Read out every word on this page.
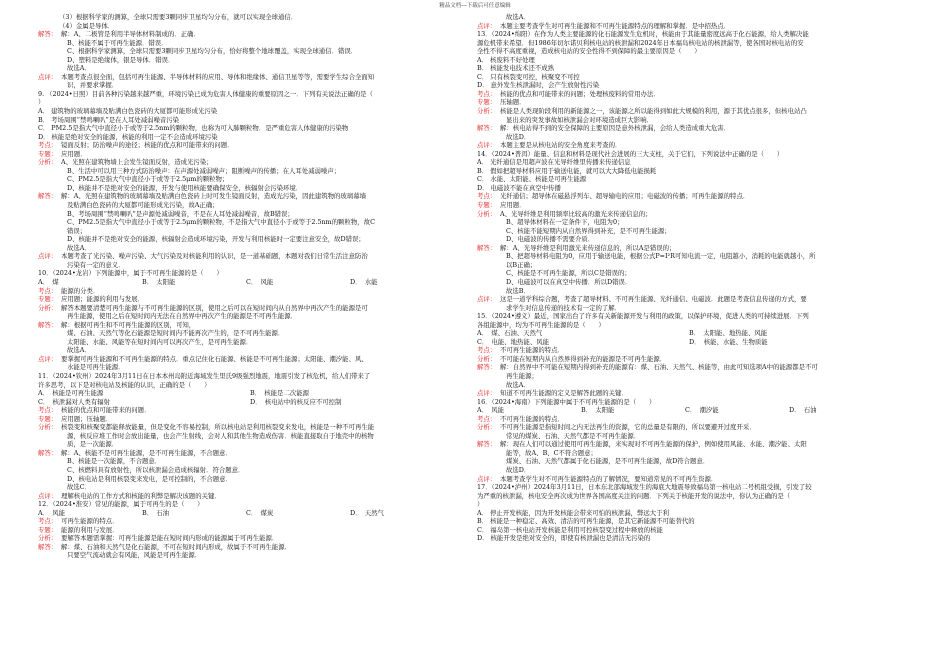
精品文档---下载后可任意编辑
（3）根据科学家的测算，全球只需要3颗同步卫星均匀分布，就可以实现全球通信．
（4）金属是导体．
解答： 解：A、二极管是利用半导体材料制成的．正确．
B、核能不属于可再生能源．错误．
C、根据科学家测算，全球只需要3颗同步卫星均匀分布，恰好将整个地球覆盖，实现全球通信．错误．
D、塑料是绝缘体，银是导体．错误．
故选A．
点评： 本题考查点很全面，包括可再生能源、半导体材料的应用、导体和绝缘体、通信卫星等等，需要学生综合全面知
识，并要求掌握．
9. （2024•日照）目前各种污染越来越严重，环境污染已成为危害人体健康的重要原因之一．下列有关说法正确的是（
）
A． 建筑物的玻璃幕墙及贴满白色瓷砖的大厦都可能形成光污染
B． 考场周围“禁鸣喇叭”是在人耳处减弱噪音污染
C． PM2.5是指大气中直径小于或等于2.5nm的颗粒物，也称为可入肺颗粒物．是严重危害人体健康的污染物
D． 核能是绝对安全的能源，核能的利用一定不会造成环境污染
考点： 镜面反射；防治噪声的途径；核能的优点和可能带来的问题．
专题： 应用题．
分析： A、光照在建筑物墙上会发生镜面反射，造成光污染；
B、生活中可以用三种方式防治噪声：在声源处减弱噪声；阻断噪声的传播；在人耳处减弱噪声；
C、PM2.5是指大气中直径小于或等于2.5μm的颗粒物；
D、核能并不是绝对安全的能源，开发与使用核能要确保安全，核辐射会污染环境．
解答： 解：A、光照在建筑物的玻璃幕墙及贴满白色瓷砖上时可发生镜面反射，造成光污染，因此建筑物的玻璃幕墙
及贴满白色瓷砖的大厦都可能形成光污染，故A正确；
B、考场周围“禁鸣喇叭”是声源处减弱噪音，不是在人耳处减弱噪音，故B错误；
C、PM2.5是指大气中直径小于或等于2.5μm的颗粒物，不是指大气中直径小于或等于2.5nm的颗粒物，故C
错误；
D、核能并不是绝对安全的能源，核辐射会造成环境污染，开发与利用核能时一定要注意安全，故D错误；
故选A．
点评： 本题考查了光污染、噪声污染、大气污染及对核能利用的认识，是一道基础题，本题对我们日常生活注意防治
污染有一定的意义．
10．（2024•龙岩）下列能源中，属于不可再生能源的是（　　）
A．　煤	B．　太阳能	C．　风能	D．　水能
考点： 能源的分类．
专题： 应用题；能源的利用与发展．
分析： 解答本题要清楚可再生能源与不可再生能源的区别，使用之后可以在短时间内从自然界中再次产生的能源是可
再生能源，使用之后在短时间内无法在自然界中再次产生的能源是不可再生能源．
解答： 解：根据可再生和不可再生能源的区别，可知，
煤、石油、天然气等化石能源是短时间内不能再次产生的，是不可再生能源．
太阳能、水能、风能等在短时间内可以再次产生，是可再生能源．
故选A．
点评： 要掌握可再生能源和不可再生能源的特点．重点记住化石能源、核能是不可再生能源；太阳能、潮汐能、风、
水能是可再生能源．
11．（2024•钦州）2024年3月11日在日本本州岛附近海域发生里氏9级强烈地震，地震引发了核危机，给人们带来了
许多思考，以下是对核电站及核能的认识，正确的是（　　）
A．　核能是可再生能源	B．　核能是二次能源
C．　核泄漏对人类有辐射	D．　核电站中的核反应不可控制
考点： 核能的优点和可能带来的问题．
专题： 应用题；压轴题．
分析： 核裂变和核聚变都能释放能量，但是变化不容易控制，所以核电站是利用核裂变来发电，核能是一种不可再生能
源，核反应堆工作时会放出能量，也会产生射线，会对人和其他生物造成伤害．核能直接取自于地壳中的核物
质，是一次能源．
解答： 解：A、核能不是可再生能源，是不可再生能源，不合题意．
B、核能是一次能源，不合题意．
C、核燃料具有放射性，所以核泄漏会造成核辐射．符合题意．
D、核电站是利用核裂变来发电，是可控制的，不合题意．
故选C．
点评： 理解核电站的工作方式和核能的利弊是解决该题的关键．
12．（2024•淮安）常见的能源，属于可再生的是（　　）
A．　风能	B．　石油	C．　煤炭	D．　天然气
考点： 可再生能源的特点．
专题： 能源的利用与发展．
分析： 要解答本题需掌握：可再生能源是能在短时间内形成的能源属于可再生能源．
解答： 解：煤、石油和天然气是化石能源，不可在短时间内形成，故属于不可再生能源．
只要空气流动就会有风能，风能是可再生能源．
故选A．
点评： 本题主要考查学生对可再生能源和不可再生能源特点的理解和掌握．是中招热点．
13．（2024•绵阳）在作为人类主要能源的化石能源发生危机时，核能由于其能量密度远高于化石能源，给人类解决能
源危机带来希望．但1986年切尔诺贝利核电站的核泄漏和2024年日本福岛核电站的核泄漏等，使各国对核电站的安
全性不得不高度重视，造成核电站的安全性得不到保障的最主要原因是（　　）
A． 核废料不好处理
B． 核能发电技术还不成熟
C． 只有核裂变可控，核聚变不可控
D． 意外发生核泄漏时，会产生放射性污染
考点： 核能的优点和可能带来的问题；处理核废料的常用办法．
专题： 压轴题．
分析： 核能是人类现阶段利用的新能源之一，该能源之所以能得到如此大规模的利用，源于其优点很多，但核电站凸
显出来的突发事故如核泄漏会对环境造成巨大影响．
解答： 解：核电站得不到的安全保障的主要原因是意外核泄漏，会给人类造成重大危害．
故选D．
点评： 本题主要是从核电站的安全角度来考查的．
14．（2024•普洱）能量、信息和材料是现代社会进展的三大支柱，关于它们，下列说法中正确的是（　　）
A． 光纤通信是用超声波在光导纤维里传播来传递信息
B． 假如把超导材料应用于输送电能，就可以大大降低电能损耗
C． 水能、太阳能、核能是可再生能源
D． 电磁波不能在真空中传播
考点： 光纤通信；超导体在磁悬浮列车、超导输电的应用；电磁波的传播；可再生能源的特点．
专题： 应用题．
分析： A、光导纤维是利用频率比较高的激光来传递信息的；
B、超导体材料在一定条件下，电阻为0；
C、核能不能短期内从自然界得到补充，是不可再生能源；
D、电磁波的传播不需要介质．
解答： 解：A、光导纤维是利用激光来传递信息的，所以A是错误的；
B、把超导材料电阻为0，应用于输送电能，根据公式P=I²R可知电流一定，电阻越小，消耗的电能就越小，所
以B正确；
C、核能是不可再生能源，所以C是错误的；
D、电磁波可以在真空中传播．所以D错误．
故选B．
点评： 这是一道学科综合题，考查了超导材料、不可再生能源、光纤通信、电磁波．此题是考查信息传递的方式，要
求学生对信息传递的技术有一定的了解．
15．（2024•遵义）最近，国家出台了许多有关新能源开发与利用的政策，以保护环境，促进人类的可持续进展．下列
各组能源中，均为不可再生能源的是（　　）
A．　煤、石油、天然气	B．　太阳能、地热能、风能
C．　电能、地热能、风能	D．　核能、水能、生物质能
考点： 不可再生能源的特点．
分析： 不可能在短期内从自然界得到补充的能源是不可再生能源．
解答： 解：自然界中不可能在短期内得到补充的能源有：煤、石油、天然气、核能等，由此可知选项A中的能源都是不可
再生能源；
故选A．
点评： 知道不可再生能源的定义是解答此题的关键．
16．（2024•海南）下列能源中属于不可再生能源的是（　　）
A．　风能	B．　太阳能	C．　潮汐能	D．　石油
考点： 不可再生能源的特点．
分析： 不可再生能源是指短时间之内无法再生的资源，它的总量是有限的，所以要避开过度开采．
常见的煤炭、石油、天然气都是不可再生能源．
解答： 解：现在人们可以通过使用可再生能源，来实现对不可再生能源的保护，例如使用风能、水能、潮汐能、太阳
能等，故A、B、C不符合题意；
煤炭、石油、天然气都属于化石能源，是不可再生能源，故D符合题意．
故选D．
点评： 本题考查学生对不可再生能源特点的了解情况，要知道常见的不可再生资源．
17．（2024•泸州）2024年3月11日，日本东北部海域发生的海底大地震导致福岛第一核电站二号机组受损，引发了较
为严重的核泄漏，核电安全再次成为世界各国高度关注的问题．下列关于核能开发的说法中，你认为正确的是（　　
）
A． 停止开发核能，因为开发核能会带来可怕的核泄漏，弊远大于利
B． 核能是一种稳定、高效、清洁的可再生能源，是其它新能源不可能替代的
C． 福岛第一核电站开发核能是利用可控核裂变过程中释放的核能
D． 核能开发是绝对安全的，即使有核泄漏也是清洁无污染的
